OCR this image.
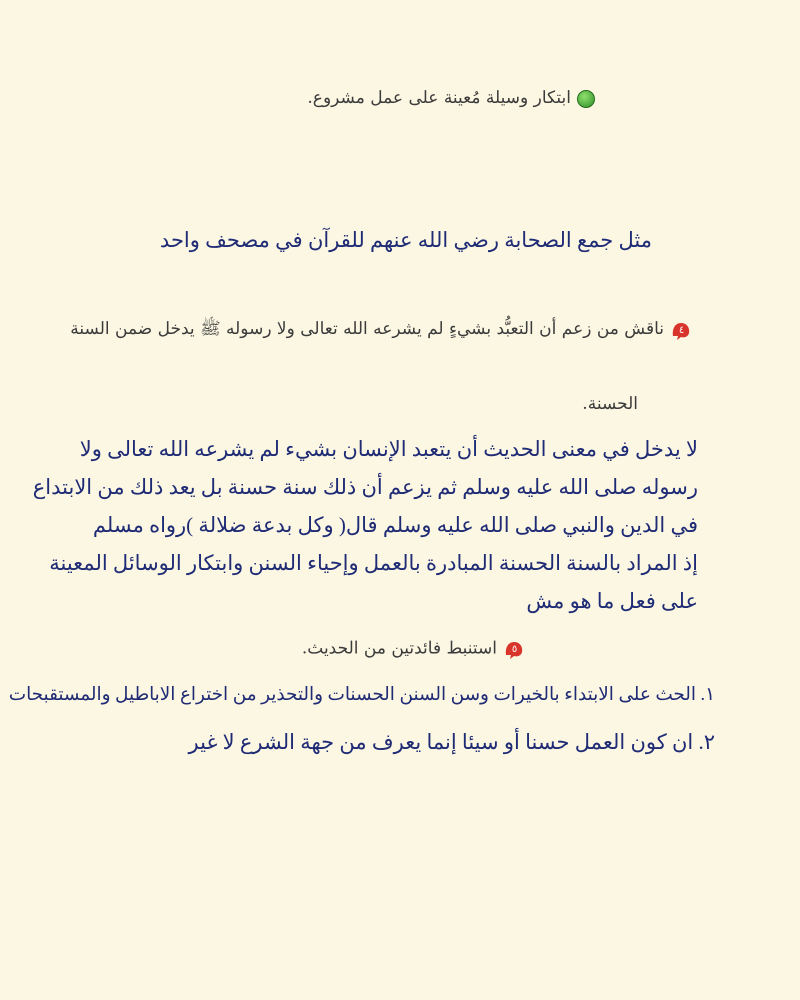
ابتكار وسيلة مُعينة على عمل مشروع.
مثل جمع الصحابة رضي الله عنهم للقرآن في مصحف واحد
٤
ناقش من زعم أن التعبُّد بشيءٍ لم يشرعه الله تعالى ولا رسوله ﷺ يدخل ضمن السنة
الحسنة.
لا يدخل في معنى الحديث أن يتعبد الإنسان بشيء لم يشرعه الله تعالى ولا
رسوله صلى الله عليه وسلم ثم يزعم أن ذلك سنة حسنة بل يعد ذلك من الابتداع
في الدين والنبي صلى الله عليه وسلم قال( وكل بدعة ضلالة )رواه مسلم
إذ المراد بالسنة الحسنة المبادرة بالعمل وإحياء السنن وابتكار الوسائل المعينة
على فعل ما هو مش
٥
استنبط فائدتين من الحديث.
١. الحث على الابتداء بالخيرات وسن السنن الحسنات والتحذير من اختراع الاباطيل والمستقبحات
٢. ان كون العمل حسنا أو سيئا إنما يعرف من جهة الشرع لا غير
